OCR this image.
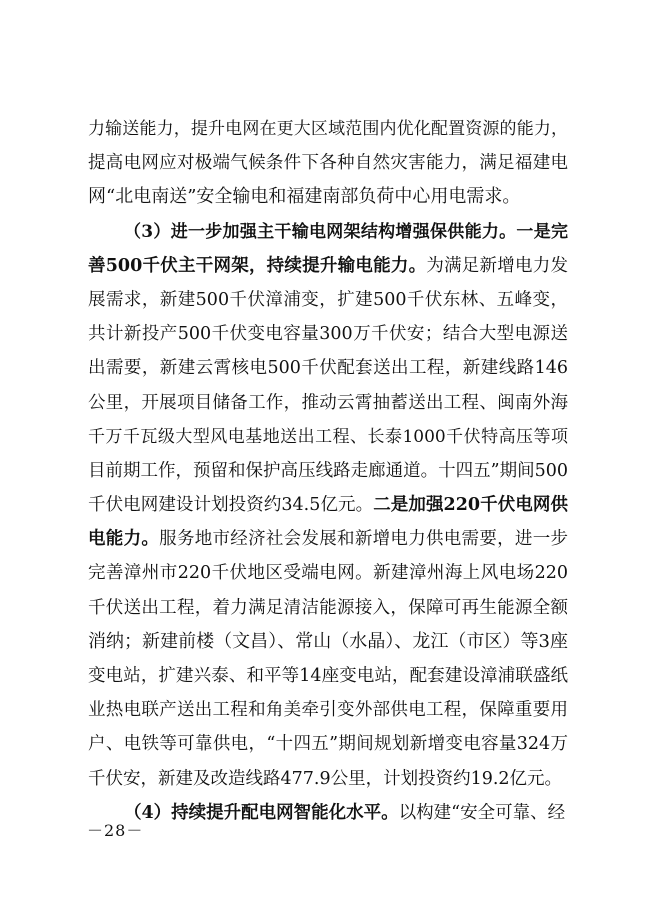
力输送能力，提升电网在更大区域范围内优化配置资源的能力，
提高电网应对极端气候条件下各种自然灾害能力，满足福建电
网“北电南送”安全输电和福建南部负荷中心用电需求。
（3）进一步加强主干输电网架结构增强保供能力。一是完
善500千伏主干网架，持续提升输电能力。为满足新增电力发
展需求，新建500千伏漳浦变，扩建500千伏东林、五峰变，
共计新投产500千伏变电容量300万千伏安；结合大型电源送
出需要，新建云霄核电500千伏配套送出工程，新建线路146
公里，开展项目储备工作，推动云霄抽蓄送出工程、闽南外海
千万千瓦级大型风电基地送出工程、长泰1000千伏特高压等项
目前期工作，预留和保护高压线路走廊通道。十四五”期间500
千伏电网建设计划投资约34.5亿元。二是加强220千伏电网供
电能力。服务地市经济社会发展和新增电力供电需要，进一步
完善漳州市220千伏地区受端电网。新建漳州海上风电场220
千伏送出工程，着力满足清洁能源接入，保障可再生能源全额
消纳；新建前楼（文昌）、常山（水晶）、龙江（市区）等3座
变电站，扩建兴泰、和平等14座变电站，配套建设漳浦联盛纸
业热电联产送出工程和角美牵引变外部供电工程，保障重要用
户、电铁等可靠供电，“十四五”期间规划新增变电容量324万
千伏安，新建及改造线路477.9公里，计划投资约19.2亿元。
（4）持续提升配电网智能化水平。以构建“安全可靠、经
－28－
